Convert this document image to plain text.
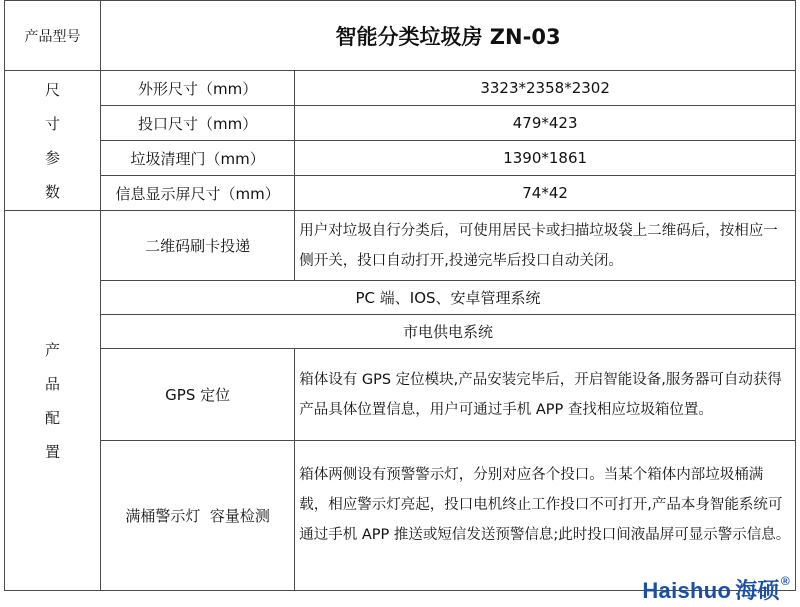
产品型号	智能分类垃圾房 ZN-03	

尺
寸
参
数	外形尺寸（mm）	3323*2358*2302
	投口尺寸（mm）	479*423
	垃圾清理门（mm）	1390*1861
	信息显示屏尺寸（mm）	74*42

产
品
配
置	二维码刷卡投递	用户对垃圾自行分类后，可使用居民卡或扫描垃圾袋上二维码后，按相应一侧开关，投口自动打开,投递完毕后投口自动关闭。
	PC 端、IOS、安卓管理系统	
	市电供电系统	
	GPS 定位	箱体设有 GPS 定位模块,产品安装完毕后，开启智能设备,服务器可自动获得产品具体位置信息，用户可通过手机 APP 查找相应垃圾箱位置。
	满桶警示灯  容量检测	箱体两侧设有预警警示灯，分别对应各个投口。当某个箱体内部垃圾桶满载，相应警示灯亮起，投口电机终止工作投口不可打开,产品本身智能系统可通过手机 APP 推送或短信发送预警信息;此时投口间液晶屏可显示警示信息。
Haishuo 海硕®
